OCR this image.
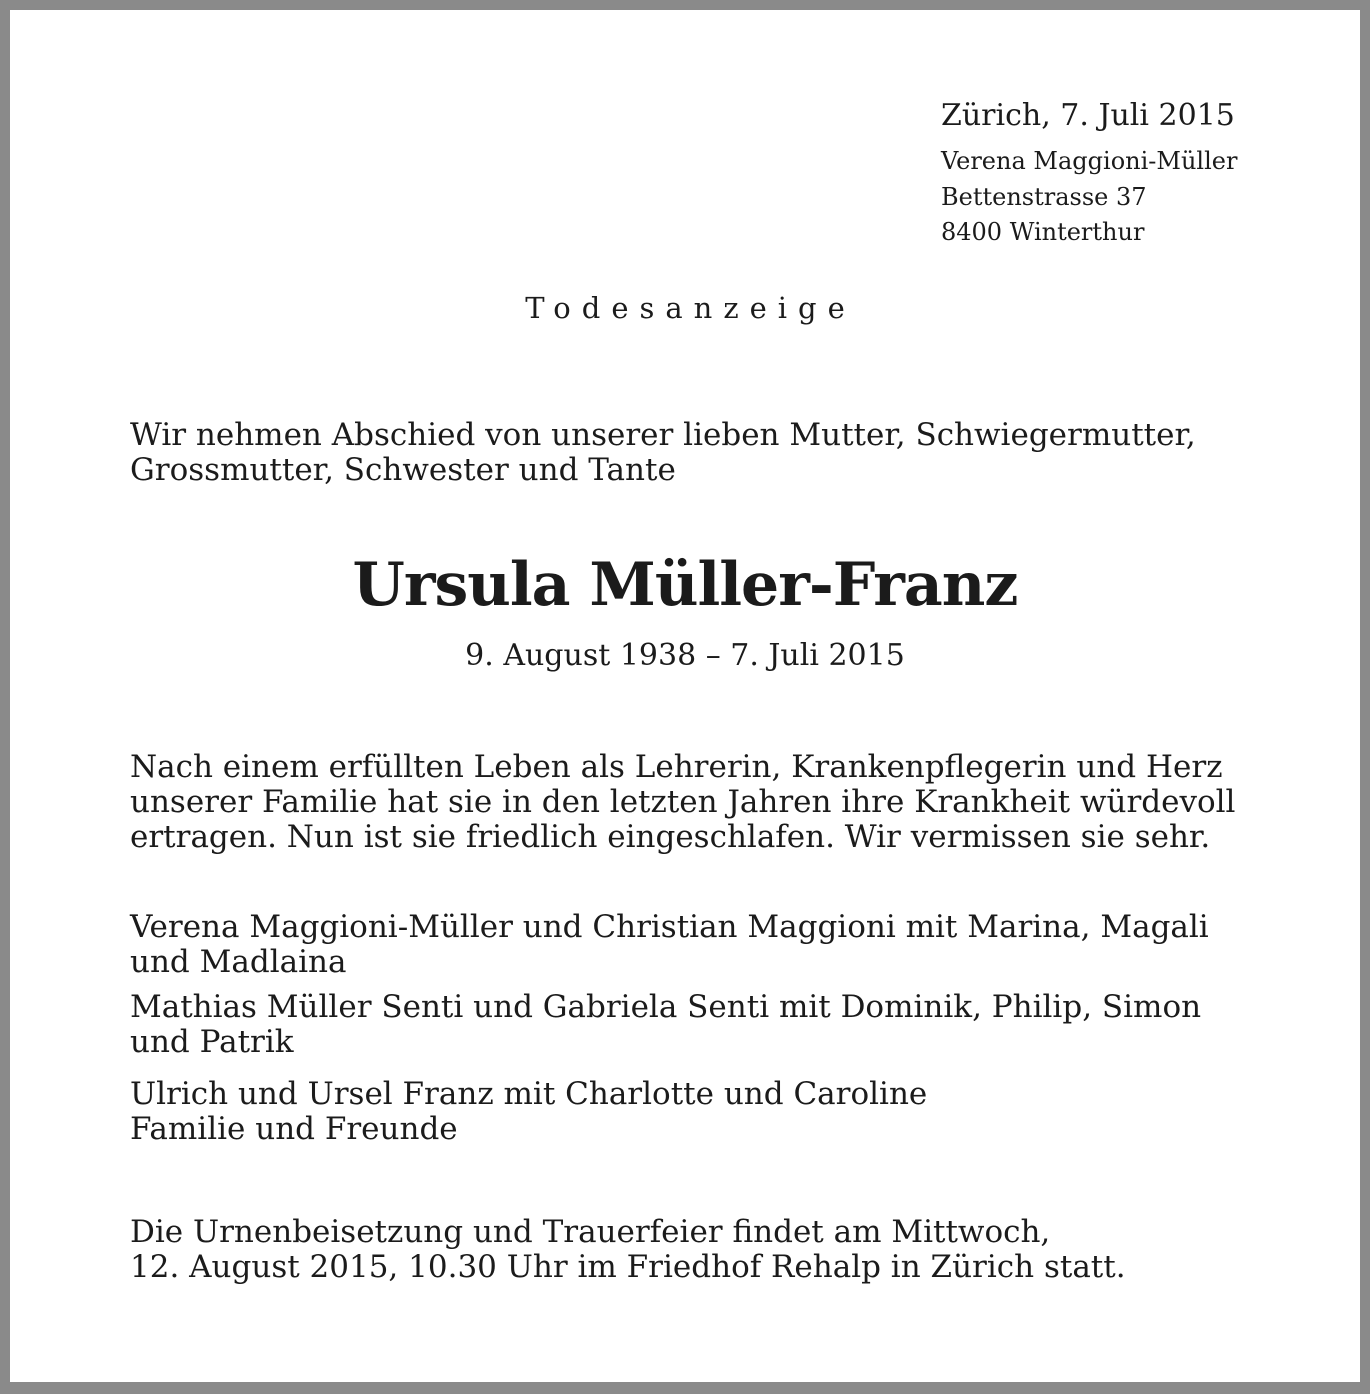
Zürich, 7. Juli 2015
Verena Maggioni-Müller
Bettenstrasse 37
8400 Winterthur
Todesanzeige
Wir nehmen Abschied von unserer lieben Mutter, Schwiegermutter,
Grossmutter, Schwester und Tante
Ursula Müller-Franz
9. August 1938 – 7. Juli 2015
Nach einem erfüllten Leben als Lehrerin, Krankenpflegerin und Herz
unserer Familie hat sie in den letzten Jahren ihre Krankheit würdevoll
ertragen. Nun ist sie friedlich eingeschlafen. Wir vermissen sie sehr.
Verena Maggioni-Müller und Christian Maggioni mit Marina, Magali
und Madlaina
Mathias Müller Senti und Gabriela Senti mit Dominik, Philip, Simon
und Patrik
Ulrich und Ursel Franz mit Charlotte und Caroline
Familie und Freunde
Die Urnenbeisetzung und Trauerfeier findet am Mittwoch,
12. August 2015, 10.30 Uhr im Friedhof Rehalp in Zürich statt.
